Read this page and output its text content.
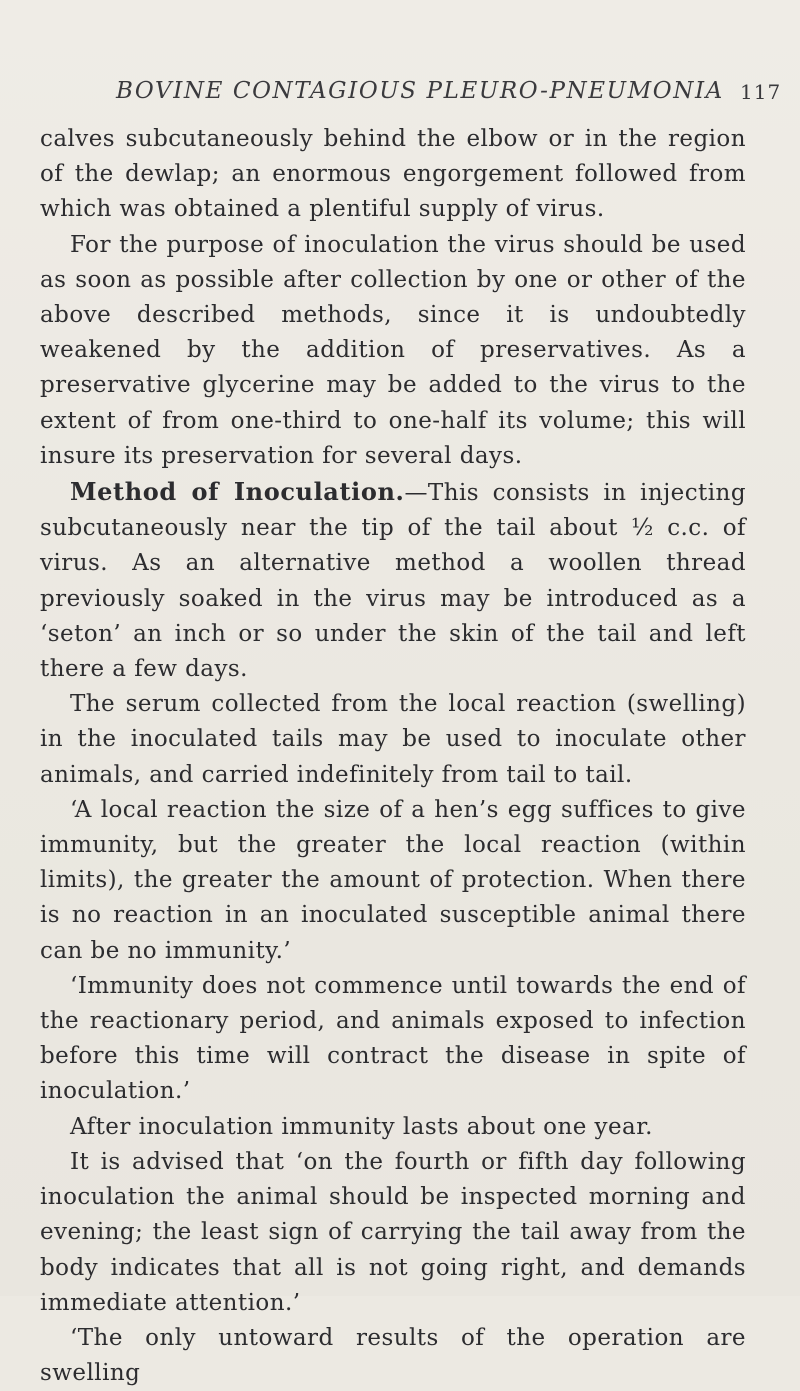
BOVINE CONTAGIOUS PLEURO-PNEUMONIA 117

calves subcutaneously behind the elbow or in the region of the dewlap; an enormous engorgement followed from which was obtained a plentiful supply of virus.

For the purpose of inoculation the virus should be used as soon as possible after collection by one or other of the above described methods, since it is undoubtedly weakened by the addition of preservatives. As a preservative glycerine may be added to the virus to the extent of from one-third to one-half its volume; this will insure its preservation for several days.

Method of Inoculation.—This consists in injecting subcutaneously near the tip of the tail about ½ c.c. of virus. As an alternative method a woollen thread previously soaked in the virus may be introduced as a ‘seton’ an inch or so under the skin of the tail and left there a few days.

The serum collected from the local reaction (swelling) in the inoculated tails may be used to inoculate other animals, and carried indefinitely from tail to tail.

‘A local reaction the size of a hen’s egg suffices to give immunity, but the greater the local reaction (within limits), the greater the amount of protection. When there is no reaction in an inoculated susceptible animal there can be no immunity.’

‘Immunity does not commence until towards the end of the reactionary period, and animals exposed to infection before this time will contract the disease in spite of inoculation.’

After inoculation immunity lasts about one year.

It is advised that ‘on the fourth or fifth day following inoculation the animal should be inspected morning and evening; the least sign of carrying the tail away from the body indicates that all is not going right, and demands immediate attention.’

‘The only untoward results of the operation are swelling
